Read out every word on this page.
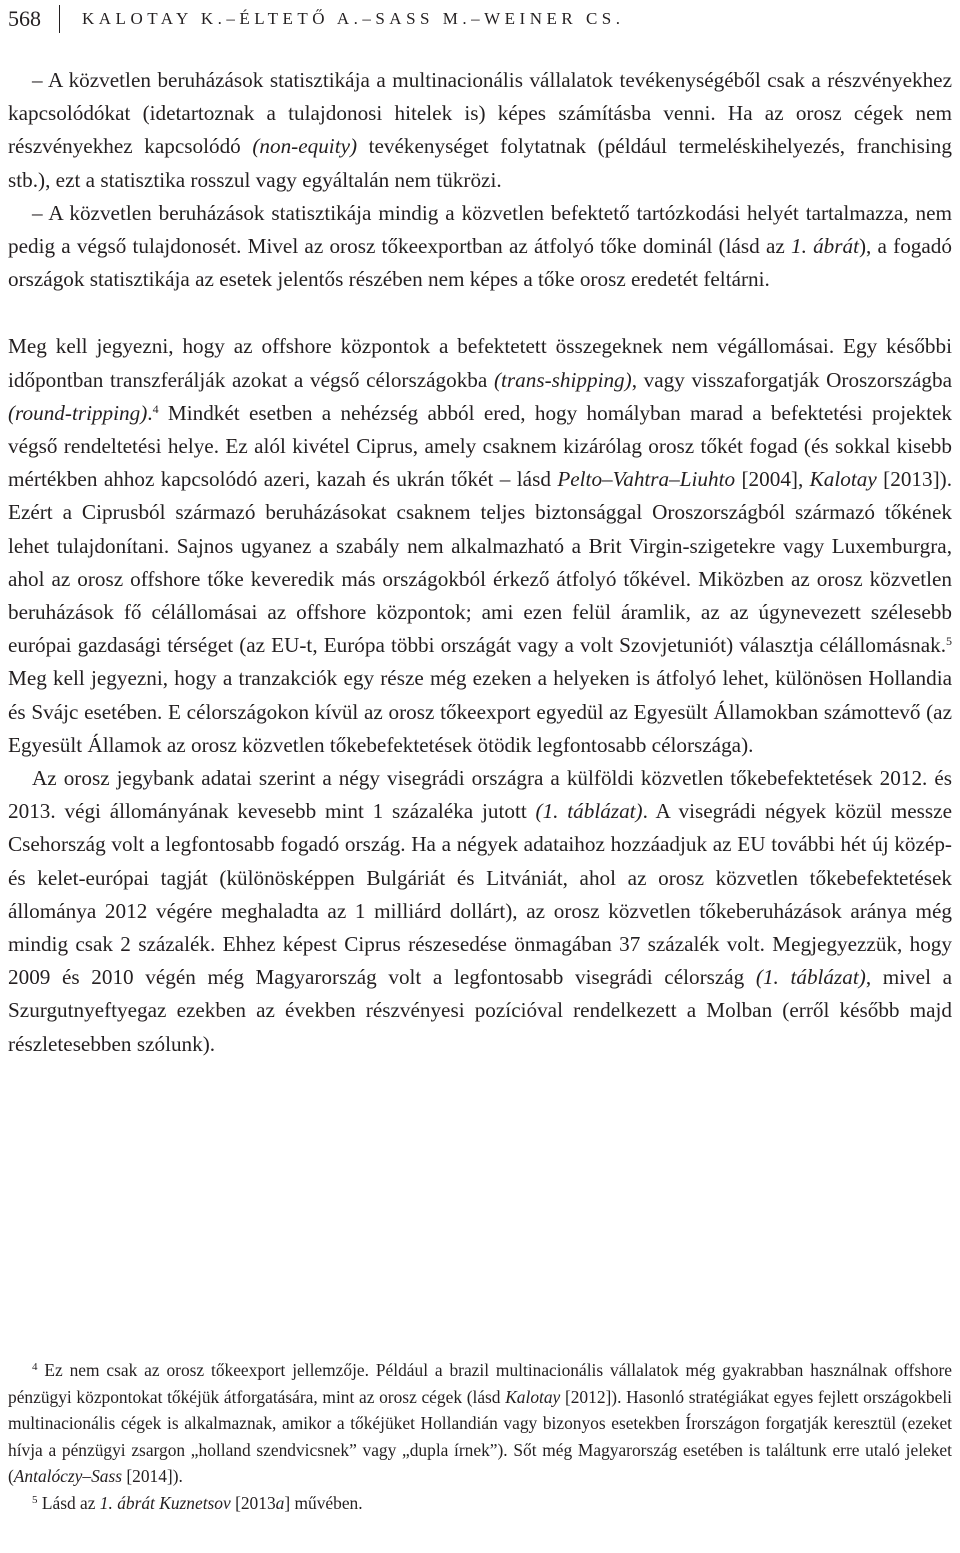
568	KALOTAY K.–ÉLTETŐ A.–SASS M.–WEINER CS.

– A közvetlen beruházások statisztikája a multinacionális vállalatok tevékenységéből csak a részvényekhez kapcsolódókat (idetartoznak a tulajdonosi hitelek is) képes számításba venni. Ha az orosz cégek nem részvényekhez kapcsolódó (non-equity) tevékenységet folytatnak (például termeléskihelyezés, franchising stb.), ezt a statisztika rosszul vagy egyáltalán nem tükrözi.

– A közvetlen beruházások statisztikája mindig a közvetlen befektető tartózkodási helyét tartalmazza, nem pedig a végső tulajdonosét. Mivel az orosz tőkeexportban az átfolyó tőke dominál (lásd az 1. ábrát), a fogadó országok statisztikája az esetek jelentős részében nem képes a tőke orosz eredetét feltárni.

Meg kell jegyezni, hogy az offshore központok a befektetett összegeknek nem végállomásai. Egy későbbi időpontban transzferálják azokat a végső célországokba (trans-shipping), vagy visszaforgatják Oroszországba (round-tripping).$^4$ Mindkét esetben a nehézség abból ered, hogy homályban marad a befektetési projektek végső rendeltetési helye. Ez alól kivétel Ciprus, amely csaknem kizárólag orosz tőkét fogad (és sokkal kisebb mértékben ahhoz kapcsolódó azeri, kazah és ukrán tőkét – lásd Pelto–Vahtra–Liuhto [2004], Kalotay [2013]). Ezért a Ciprusból származó beruházásokat csaknem teljes biztonsággal Oroszországból származó tőkének lehet tulajdonítani. Sajnos ugyanez a szabály nem alkalmazható a Brit Virgin-szigetekre vagy Luxemburgra, ahol az orosz offshore tőke keveredik más országokból érkező átfolyó tőkével. Miközben az orosz közvetlen beruházások fő célállomásai az offshore központok; ami ezen felül áramlik, az az úgynevezett szélesebb európai gazdasági térséget (az EU-t, Európa többi országát vagy a volt Szovjetuniót) választja célállomásnak.$^5$ Meg kell jegyezni, hogy a tranzakciók egy része még ezeken a helyeken is átfolyó lehet, különösen Hollandia és Svájc esetében. E célországokon kívül az orosz tőkeexport egyedül az Egyesült Államokban számottevő (az Egyesült Államok az orosz közvetlen tőkebefektetések ötödik legfontosabb célországa).

Az orosz jegybank adatai szerint a négy visegrádi országra a külföldi közvetlen tőkebefektetések 2012. és 2013. végi állományának kevesebb mint 1 százaléka jutott (1. táblázat). A visegrádi négyek közül messze Csehország volt a legfontosabb fogadó ország. Ha a négyek adataihoz hozzáadjuk az EU további hét új közép- és kelet-európai tagját (különösképpen Bulgáriát és Litvániát, ahol az orosz közvetlen tőkebefektetések állománya 2012 végére meghaladta az 1 milliárd dollárt), az orosz közvetlen tőkeberuházások aránya még mindig csak 2 százalék. Ehhez képest Ciprus részesedése önmagában 37 százalék volt. Megjegyezzük, hogy 2009 és 2010 végén még Magyarország volt a legfontosabb visegrádi célország (1. táblázat), mivel a Szurgutnyeftyegaz ezekben az években részvényesi pozícióval rendelkezett a Molban (erről később majd részletesebben szólunk).

$^4$ Ez nem csak az orosz tőkeexport jellemzője. Például a brazil multinacionális vállalatok még gyakrabban használnak offshore pénzügyi központokat tőkéjük átforgatására, mint az orosz cégek (lásd Kalotay [2012]). Hasonló stratégiákat egyes fejlett országokbeli multinacionális cégek is alkalmaznak, amikor a tőkéjüket Hollandián vagy bizonyos esetekben Írországon forgatják keresztül (ezeket hívja a pénzügyi zsargon „holland szendvicsnek” vagy „dupla írnek”). Sőt még Magyarország esetében is találtunk erre utaló jeleket (Antalóczy–Sass [2014]).

$^5$ Lásd az 1. ábrát Kuznetsov [2013a] művében.
